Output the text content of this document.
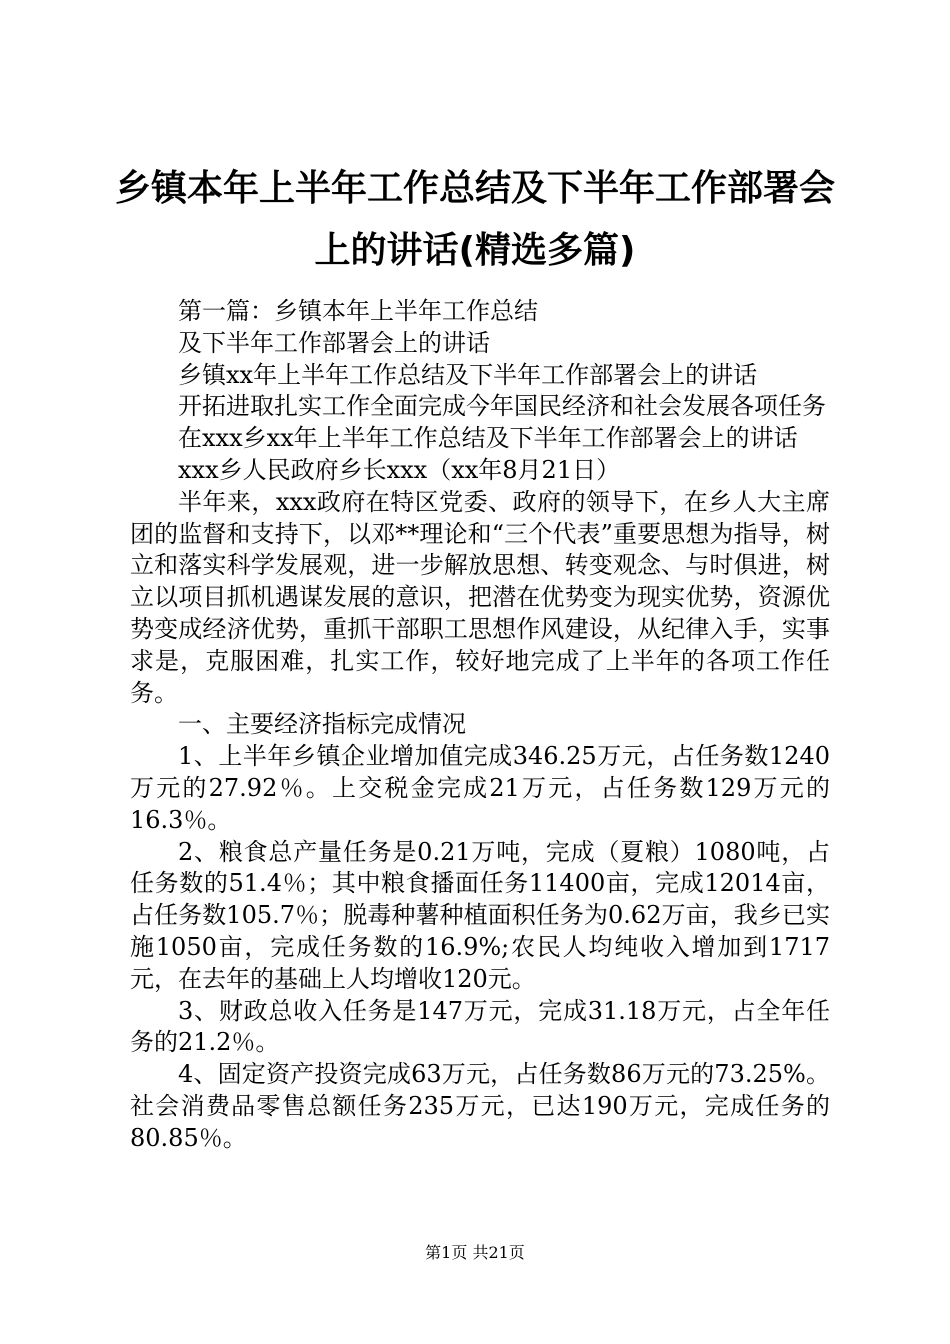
乡镇本年上半年工作总结及下半年工作部署会
上的讲话(精选多篇)

第一篇：乡镇本年上半年工作总结

及下半年工作部署会上的讲话

乡镇xx年上半年工作总结及下半年工作部署会上的讲话

开拓进取扎实工作全面完成今年国民经济和社会发展各项任务

在xxx乡xx年上半年工作总结及下半年工作部署会上的讲话

xxx乡人民政府乡长xxx（xx年8月21日）

半年来，xxx政府在特区党委、政府的领导下，在乡人大主席团的监督和支持下，以邓**理论和“三个代表”重要思想为指导，树立和落实科学发展观，进一步解放思想、转变观念、与时俱进，树立以项目抓机遇谋发展的意识，把潜在优势变为现实优势，资源优势变成经济优势，重抓干部职工思想作风建设，从纪律入手，实事求是，克服困难，扎实工作，较好地完成了上半年的各项工作任务。

一、主要经济指标完成情况

1、上半年乡镇企业增加值完成346.25万元，占任务数1240万元的27.92％。上交税金完成21万元，占任务数129万元的16.3％。

2、粮食总产量任务是0.21万吨，完成（夏粮）1080吨，占任务数的51.4％；其中粮食播面任务11400亩，完成12014亩，占任务数105.7％；脱毒种薯种植面积任务为0.62万亩，我乡已实施1050亩，完成任务数的16.9%;农民人均纯收入增加到1717元，在去年的基础上人均增收120元。

3、财政总收入任务是147万元，完成31.18万元，占全年任务的21.2％。

4、固定资产投资完成63万元，占任务数86万元的73.25%。社会消费品零售总额任务235万元，已达190万元，完成任务的80.85％。

第1页 共21页
